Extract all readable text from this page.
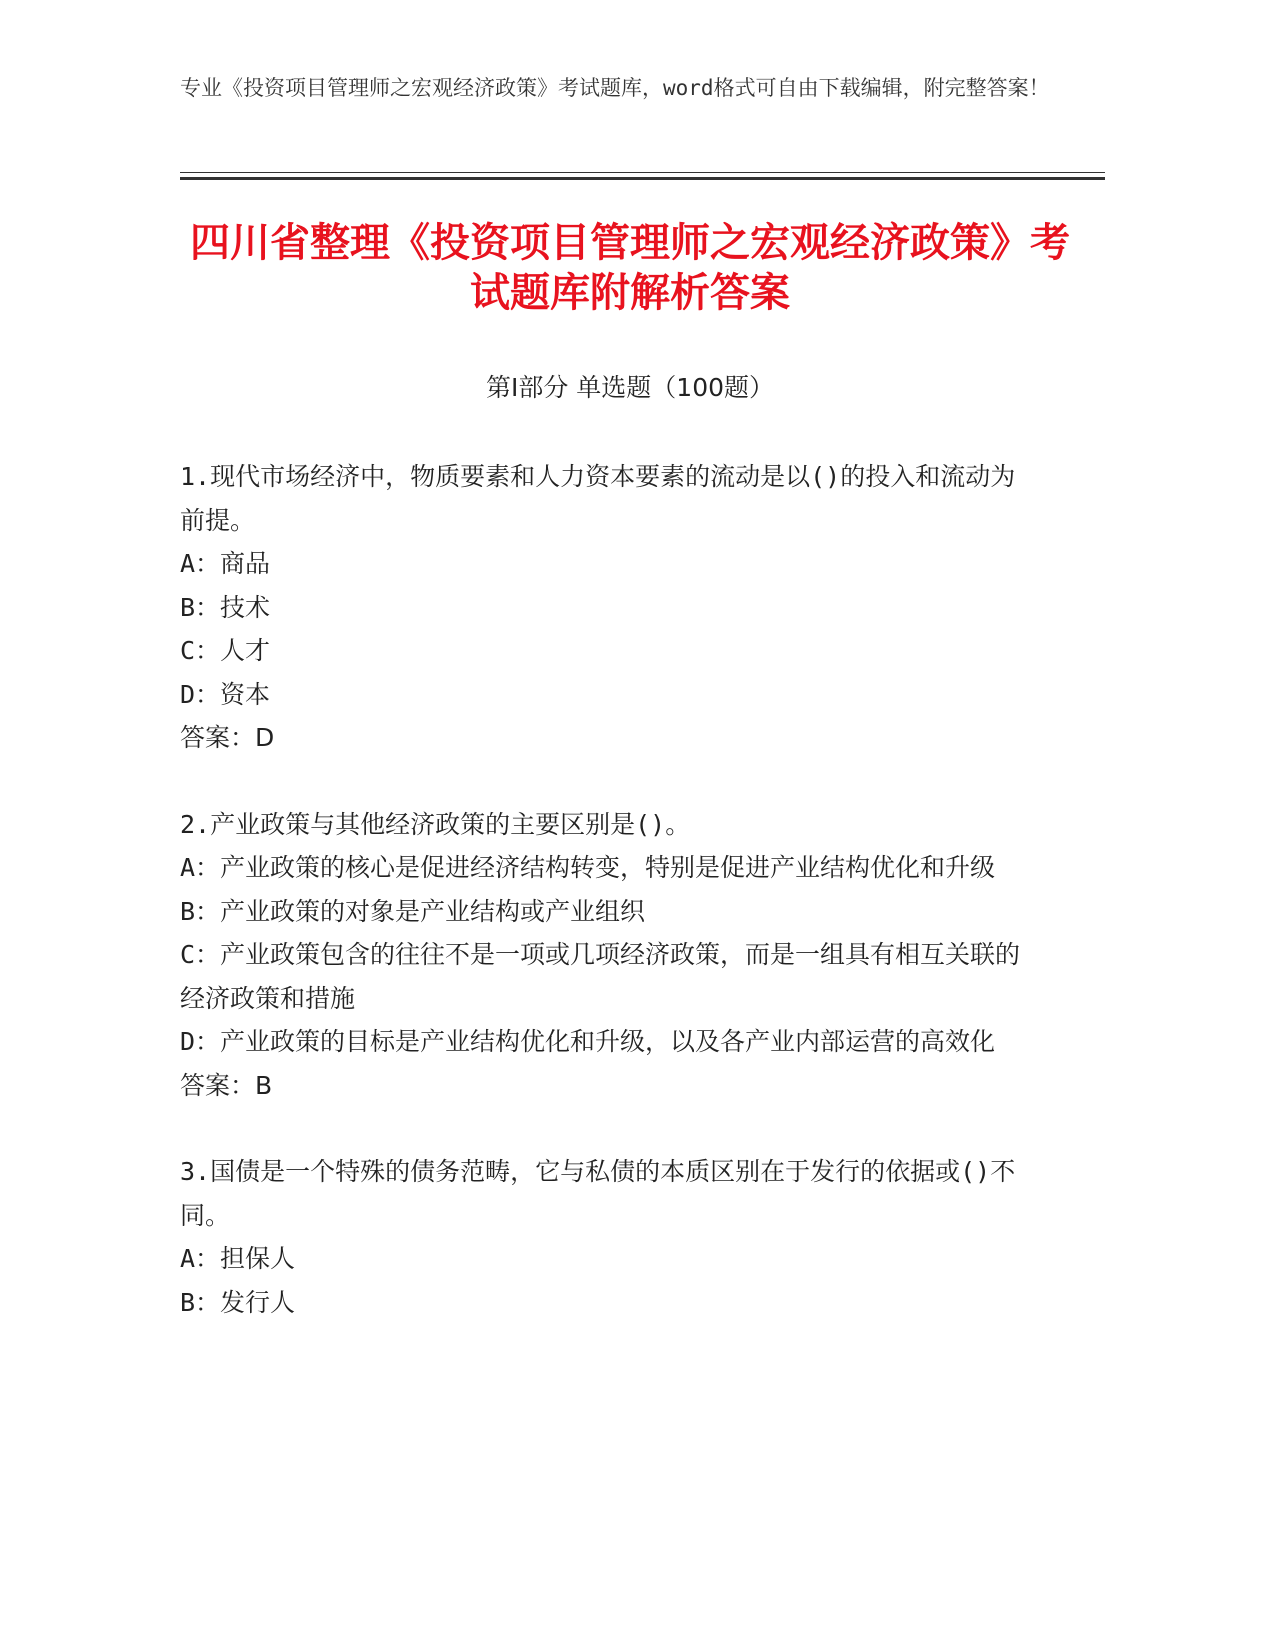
专业《投资项目管理师之宏观经济政策》考试题库，word格式可自由下载编辑，附完整答案！
四川省整理《投资项目管理师之宏观经济政策》考试题库附解析答案
第Ⅰ部分 单选题（100题）

1.现代市场经济中，物质要素和人力资本要素的流动是以()的投入和流动为前提。

A：商品

B：技术

C：人才

D：资本

答案：D

2.产业政策与其他经济政策的主要区别是()。

A：产业政策的核心是促进经济结构转变，特别是促进产业结构优化和升级

B：产业政策的对象是产业结构或产业组织

C：产业政策包含的往往不是一项或几项经济政策，而是一组具有相互关联的经济政策和措施

D：产业政策的目标是产业结构优化和升级，以及各产业内部运营的高效化

答案：B

3.国债是一个特殊的债务范畴，它与私债的本质区别在于发行的依据或()不同。

A：担保人

B：发行人
